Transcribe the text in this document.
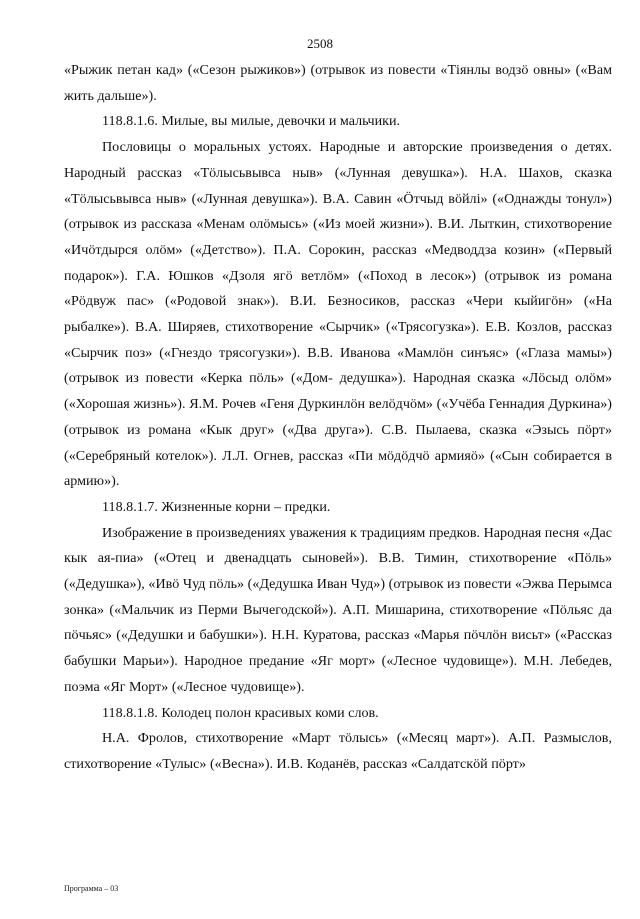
2508

«Рыжик петан кад» («Сезон рыжиков») (отрывок из повести «Тіянлы водзӧ овны» («Вам жить дальше»).

118.8.1.6. Милые, вы милые, девочки и мальчики.

Пословицы о моральных устоях. Народные и авторские произведения о детях. Народный рассказ «Тӧлысьвывса ныв» («Лунная девушка»). Н.А. Шахов, сказка «Тӧлысьвывса ныв» («Лунная девушка»). В.А. Савин «Ӧтчыд вӧйлі» («Однажды тонул») (отрывок из рассказа «Менам олӧмысь» («Из моей жизни»). В.И. Лыткин, стихотворение «Ичӧтдырся олӧм» («Детство»). П.А. Сорокин, рассказ «Медводдза козин» («Первый подарок»). Г.А. Юшков «Дзоля ягӧ ветлӧм» («Поход в лесок») (отрывок из романа «Рӧдвуж пас» («Родовой знак»). В.И. Безносиков, рассказ «Чери кыйигӧн» («На рыбалке»). В.А. Ширяев, стихотворение «Сырчик» («Трясогузка»). Е.В. Козлов, рассказ «Сырчик поз» («Гнездо трясогузки»). В.В. Иванова «Мамлӧн синъяс» («Глаза мамы») (отрывок из повести «Керка пӧль» («Дом- дедушка»). Народная сказка «Лӧсыд олӧм» («Хорошая жизнь»). Я.М. Рочев «Геня Дуркинлӧн велӧдчӧм» («Учёба Геннадия Дуркина») (отрывок из романа «Кык друг» («Два друга»). С.В. Пылаева, сказка «Эзысь пӧрт» («Серебряный котелок»). Л.Л. Огнев, рассказ «Пи мӧдӧдчӧ армияӧ» («Сын собирается в армию»).

118.8.1.7. Жизненные корни – предки.

Изображение в произведениях уважения к традициям предков. Народная песня «Дас кык ая-пиа» («Отец и двенадцать сыновей»). В.В. Тимин, стихотворение «Пӧль» («Дедушка»), «Ивӧ Чуд пӧль» («Дедушка Иван Чуд») (отрывок из повести «Эжва Перымса зонка» («Мальчик из Перми Вычегодской»). А.П. Мишарина, стихотворение «Пӧльяс да пӧчьяс» («Дедушки и бабушки»). Н.Н. Куратова, рассказ «Марья пӧчлӧн висьт» («Рассказ бабушки Марьи»). Народное предание «Яг морт» («Лесное чудовище»). М.Н. Лебедев, поэма «Яг Морт» («Лесное чудовище»).

118.8.1.8. Колодец полон красивых коми слов.

Н.А. Фролов, стихотворение «Март тӧлысь» («Месяц март»). А.П. Размыслов, стихотворение «Тулыс» («Весна»). И.В. Коданёв, рассказ «Салдатскӧй пӧрт»

Программа – 03
